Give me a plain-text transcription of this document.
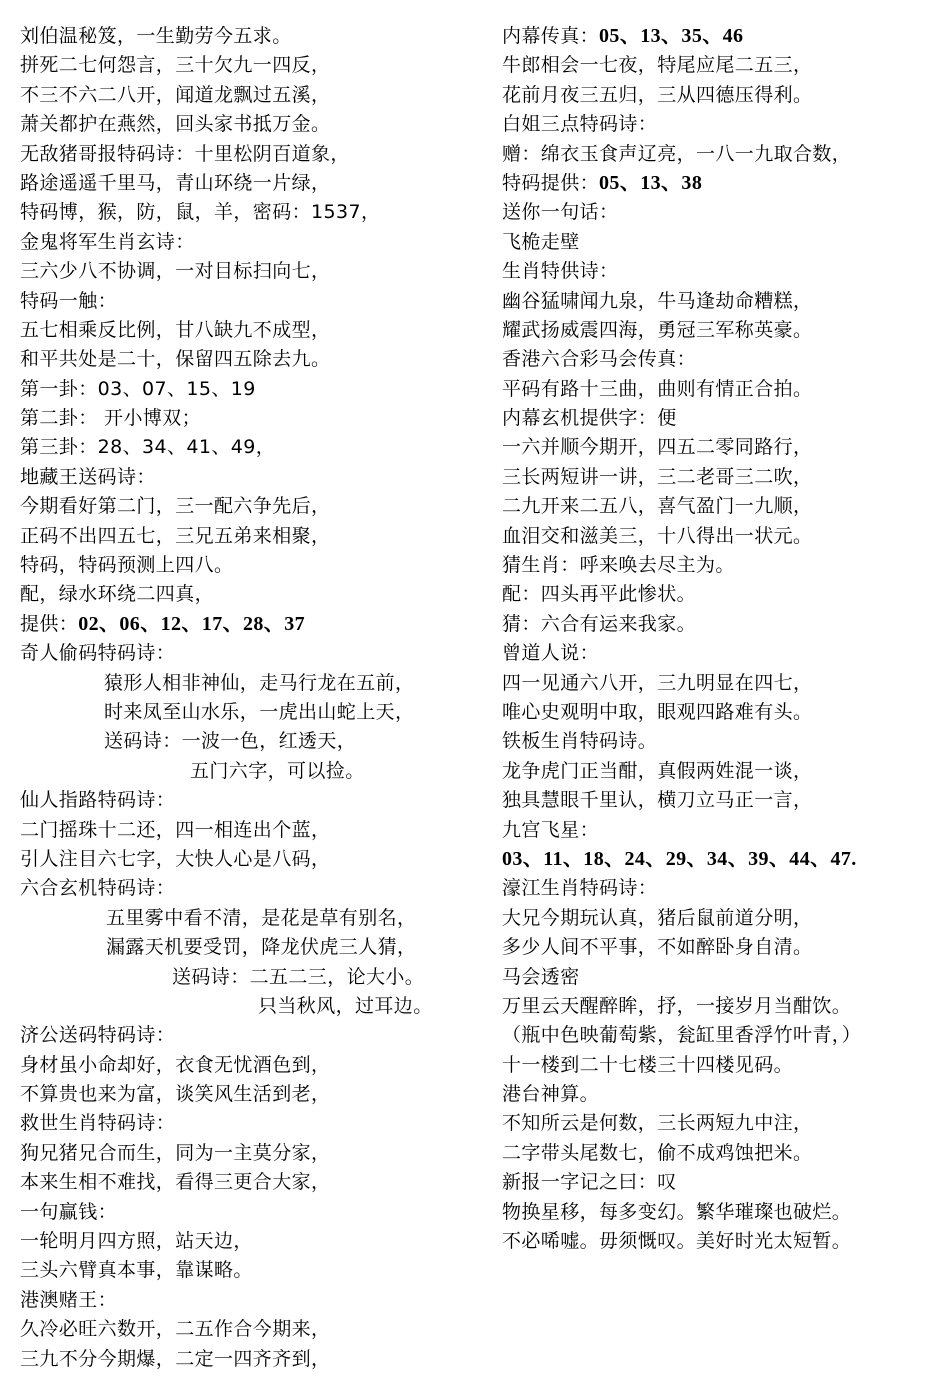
刘伯温秘笈，一生勤劳今五求。
拼死二七何怨言，三十欠九一四反，
不三不六二八开，闻道龙飘过五溪，
萧关都护在燕然，回头家书抵万金。
无敌猪哥报特码诗：十里松阴百道象，
路途遥遥千里马，青山环绕一片绿，
特码博，猴，防，鼠，羊，密码：1537，
金鬼将军生肖玄诗：
三六少八不协调，一对目标扫向七，
特码一触：
五七相乘反比例，甘八缺九不成型，
和平共处是二十，保留四五除去九。
第一卦：03、07、15、19
第二卦： 开小博双；
第三卦：28、34、41、49，
地藏王送码诗：
今期看好第二门，三一配六争先后，
正码不出四五七，三兄五弟来相聚，
特码，特码预测上四八。
配，绿水环绕二四真，
提供：02、06、12、17、28、37
奇人偷码特码诗：
猿形人相非神仙，走马行龙在五前，
时来凤至山水乐，一虎出山蛇上天，
送码诗：一波一色，红透天，
五门六字，可以捡。
仙人指路特码诗：
二门摇珠十二还，四一相连出个蓝，
引人注目六七字，大快人心是八码，
六合玄机特码诗：
五里雾中看不清，是花是草有别名，
漏露天机要受罚，降龙伏虎三人猜，
送码诗：二五二三，论大小。
只当秋风，过耳边。
济公送码特码诗：
身材虽小命却好，衣食无忧酒色到，
不算贵也来为富，谈笑风生活到老，
救世生肖特码诗：
狗兄猪兄合而生，同为一主莫分家，
本来生相不难找，看得三更合大家，
一句赢钱：
一轮明月四方照，站天边，
三头六臂真本事，靠谋略。
港澳赌王：
久冷必旺六数开，二五作合今期来，
三九不分今期爆，二定一四齐齐到，
内幕传真：05、13、35、46
牛郎相会一七夜，特尾应尾二五三，
花前月夜三五归，三从四德压得利。
白姐三点特码诗：
赠：绵衣玉食声辽亮，一八一九取合数，
特码提供：05、13、38
送你一句话：
飞桅走壁
生肖特供诗：
幽谷猛啸闻九泉，牛马逢劫命糟糕，
耀武扬威震四海，勇冠三军称英豪。
香港六合彩马会传真：
平码有路十三曲，曲则有情正合拍。
内幕玄机提供字：便
一六并顺今期开，四五二零同路行，
三长两短讲一讲，三二老哥三二吹，
二九开来二五八，喜气盈门一九顺，
血泪交和滋美三，十八得出一状元。
猜生肖：呼来唤去尽主为。
配：四头再平此惨状。
猜：六合有运来我家。
曾道人说：
四一见通六八开，三九明显在四七，
唯心史观明中取，眼观四路难有头。
铁板生肖特码诗。
龙争虎门正当酣，真假两姓混一谈，
独具慧眼千里认，横刀立马正一言，
九宫飞星：
03、11、18、24、29、34、39、44、47.
濠江生肖特码诗：
大兄今期玩认真，猪后鼠前道分明，
多少人间不平事，不如醉卧身自清。
马会透密
万里云天醒醉眸，抒，一接岁月当酣饮。
（瓶中色映葡萄紫，瓮缸里香浮竹叶青，）
十一楼到二十七楼三十四楼见码。
港台神算。
不知所云是何数，三长两短九中注，
二字带头尾数七，偷不成鸡蚀把米。
新报一字记之曰：叹
物换星移，每多变幻。繁华璀璨也破烂。
不必唏嘘。毋须慨叹。美好时光太短暂。
